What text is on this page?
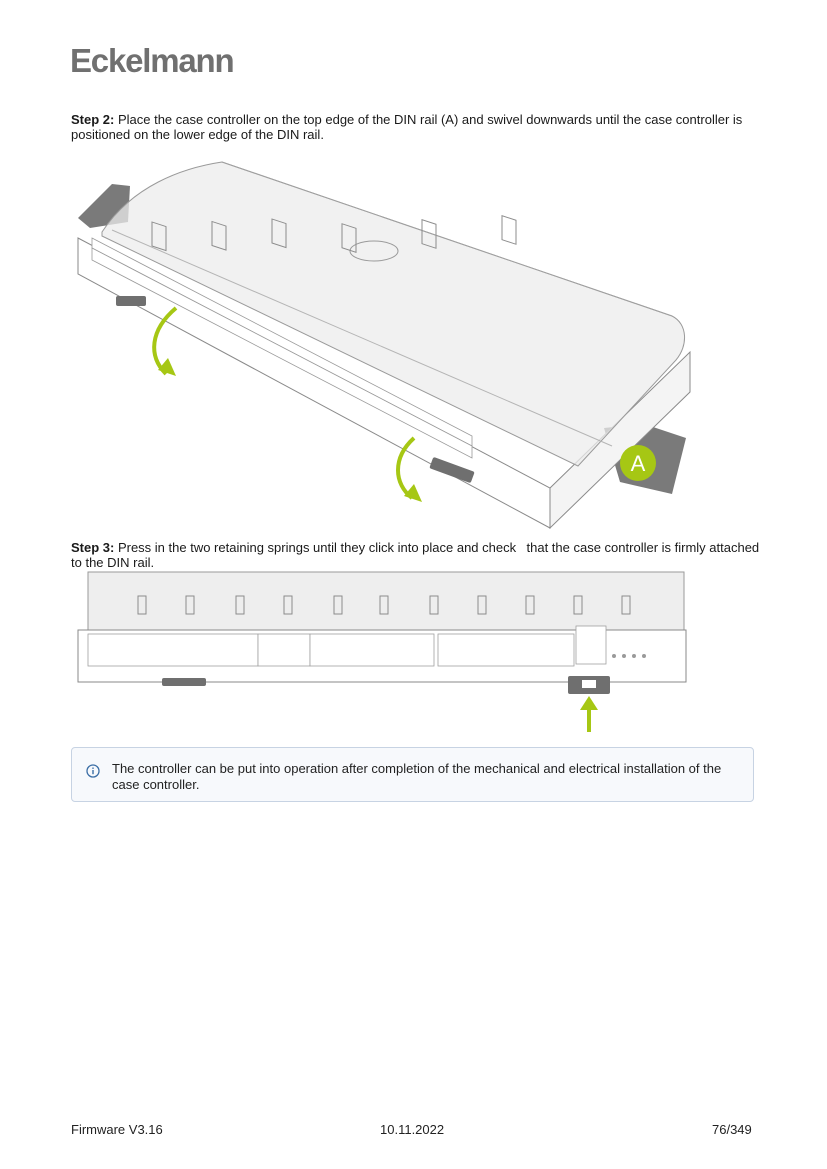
Eckelmann
Step 2: Place the case controller on the top edge of the DIN rail (A) and swivel downwards until the case controller is positioned on the lower edge of the DIN rail.
A
Step 3: Press in the two retaining springs until they click into place and checkthat the case controller is firmly attached to the DIN rail.
The controller can be put into operation after completion of the mechanical and electrical installation of the case controller.
Firmware V3.16	10.11.2022	76/349
